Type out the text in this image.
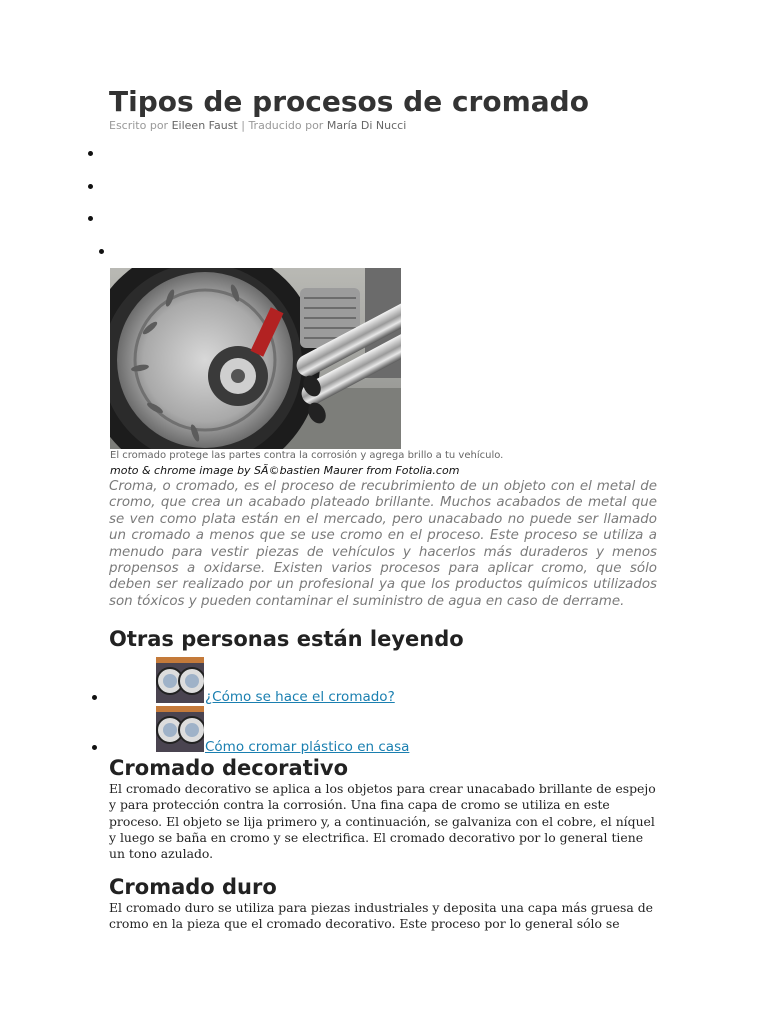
Tipos de procesos de cromado
Escrito por Eileen Faust | Traducido por María Di Nucci
El cromado protege las partes contra la corrosión y agrega brillo a tu vehículo.
moto & chrome image by SÃ©bastien Maurer from Fotolia.com

Croma, o cromado, es el proceso de recubrimiento de un objeto con el metal de cromo, que crea un acabado plateado brillante. Muchos acabados de metal que se ven como plata están en el mercado, pero unacabado no puede ser llamado un cromado a menos que se use cromo en el proceso. Este proceso se utiliza a menudo para vestir piezas de vehículos y hacerlos más duraderos y menos propensos a oxidarse. Existen varios procesos para aplicar cromo, que sólo deben ser realizado por un profesional ya que los productos químicos utilizados son tóxicos y pueden contaminar el suministro de agua en caso de derrame.

Otras personas están leyendo
¿Cómo se hace el cromado?
Cómo cromar plástico en casa
Cromado decorativo

El cromado decorativo se aplica a los objetos para crear unacabado brillante de espejo y para protección contra la corrosión. Una fina capa de cromo se utiliza en este proceso. El objeto se lija primero y, a continuación, se galvaniza con el cobre, el níquel y luego se baña en cromo y se electrifica. El cromado decorativo por lo general tiene un tono azulado.

Cromado duro

El cromado duro se utiliza para piezas industriales y deposita una capa más gruesa de cromo en la pieza que el cromado decorativo. Este proceso por lo general sólo se
